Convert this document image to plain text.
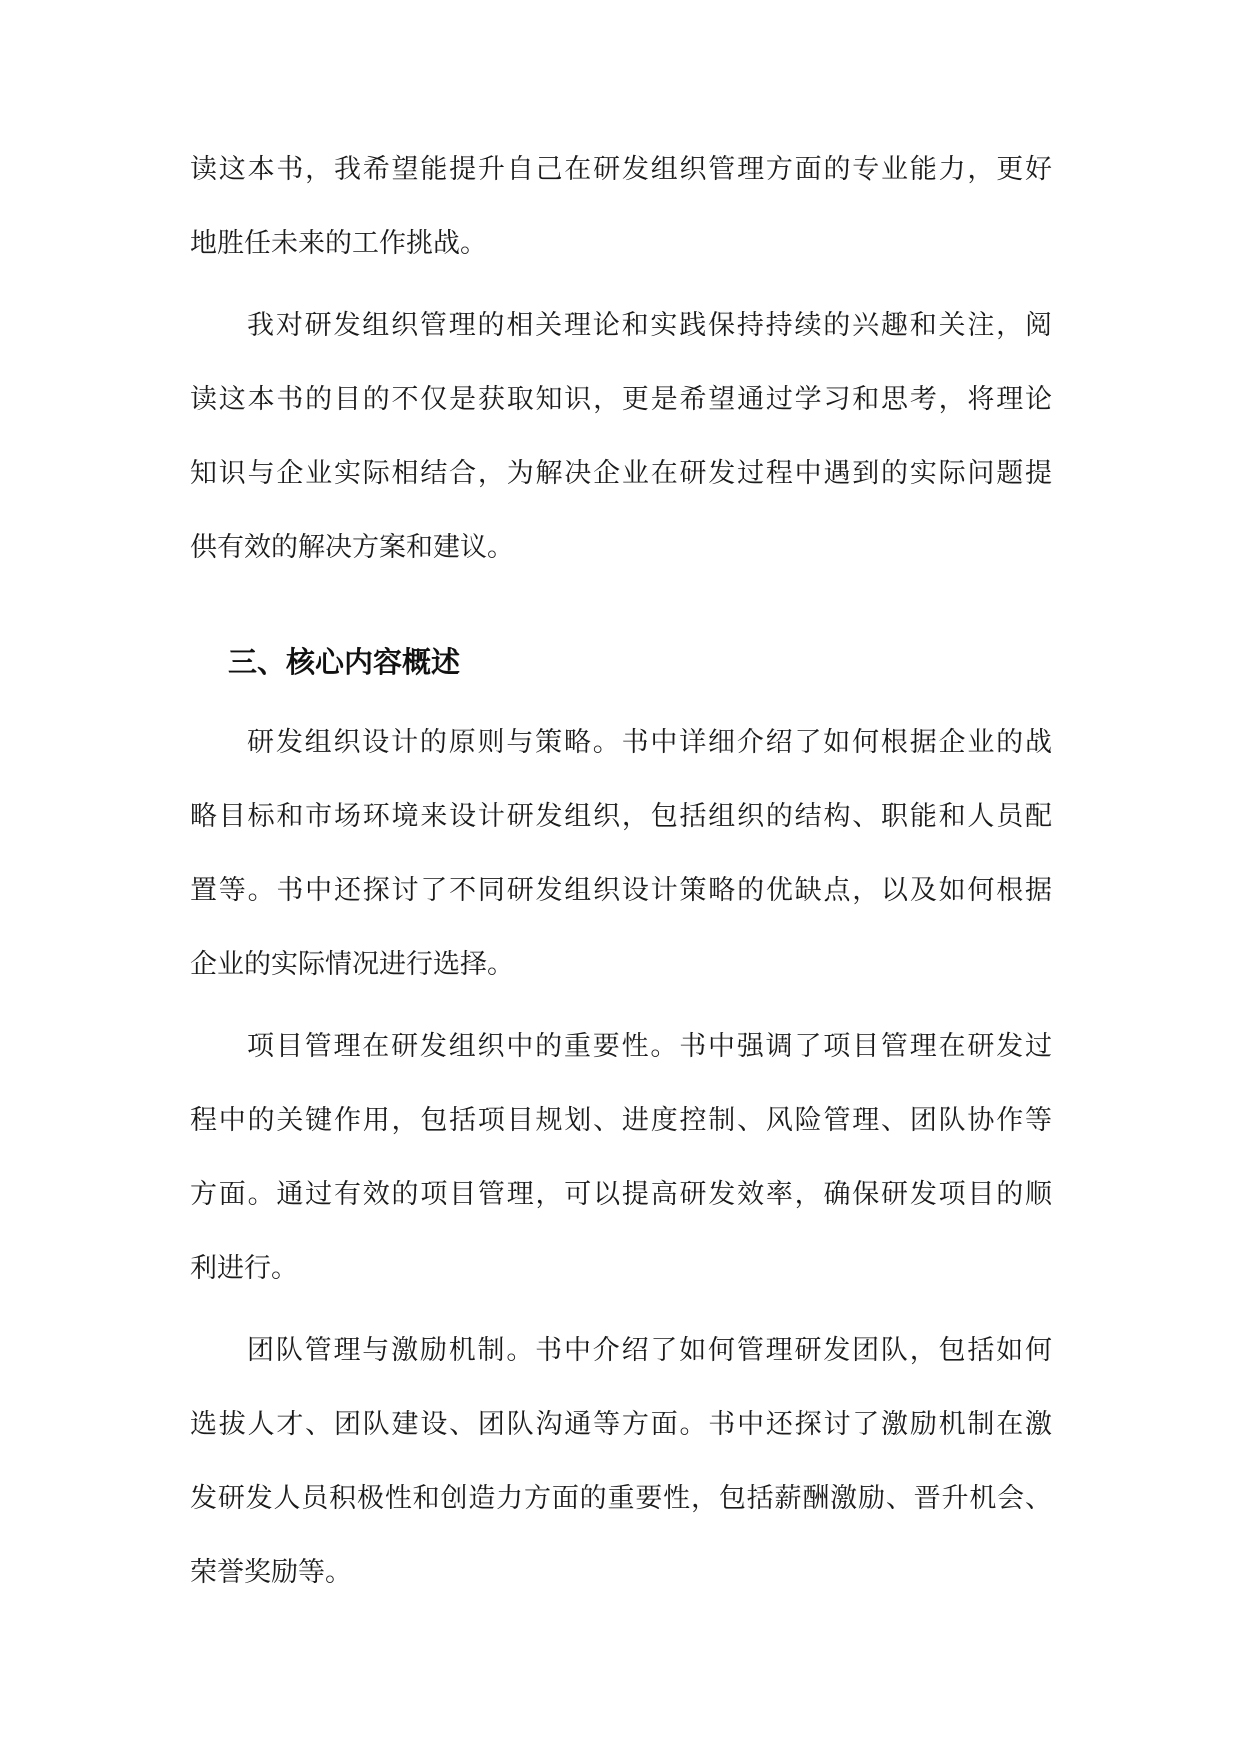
读这本书，我希望能提升自己在研发组织管理方面的专业能力，更好
地胜任未来的工作挑战。
我对研发组织管理的相关理论和实践保持持续的兴趣和关注，阅
读这本书的目的不仅是获取知识，更是希望通过学习和思考，将理论
知识与企业实际相结合，为解决企业在研发过程中遇到的实际问题提
供有效的解决方案和建议。
三、核心内容概述
研发组织设计的原则与策略。书中详细介绍了如何根据企业的战
略目标和市场环境来设计研发组织，包括组织的结构、职能和人员配
置等。书中还探讨了不同研发组织设计策略的优缺点，以及如何根据
企业的实际情况进行选择。
项目管理在研发组织中的重要性。书中强调了项目管理在研发过
程中的关键作用，包括项目规划、进度控制、风险管理、团队协作等
方面。通过有效的项目管理，可以提高研发效率，确保研发项目的顺
利进行。
团队管理与激励机制。书中介绍了如何管理研发团队，包括如何
选拔人才、团队建设、团队沟通等方面。书中还探讨了激励机制在激
发研发人员积极性和创造力方面的重要性，包括薪酬激励、晋升机会、
荣誉奖励等。
